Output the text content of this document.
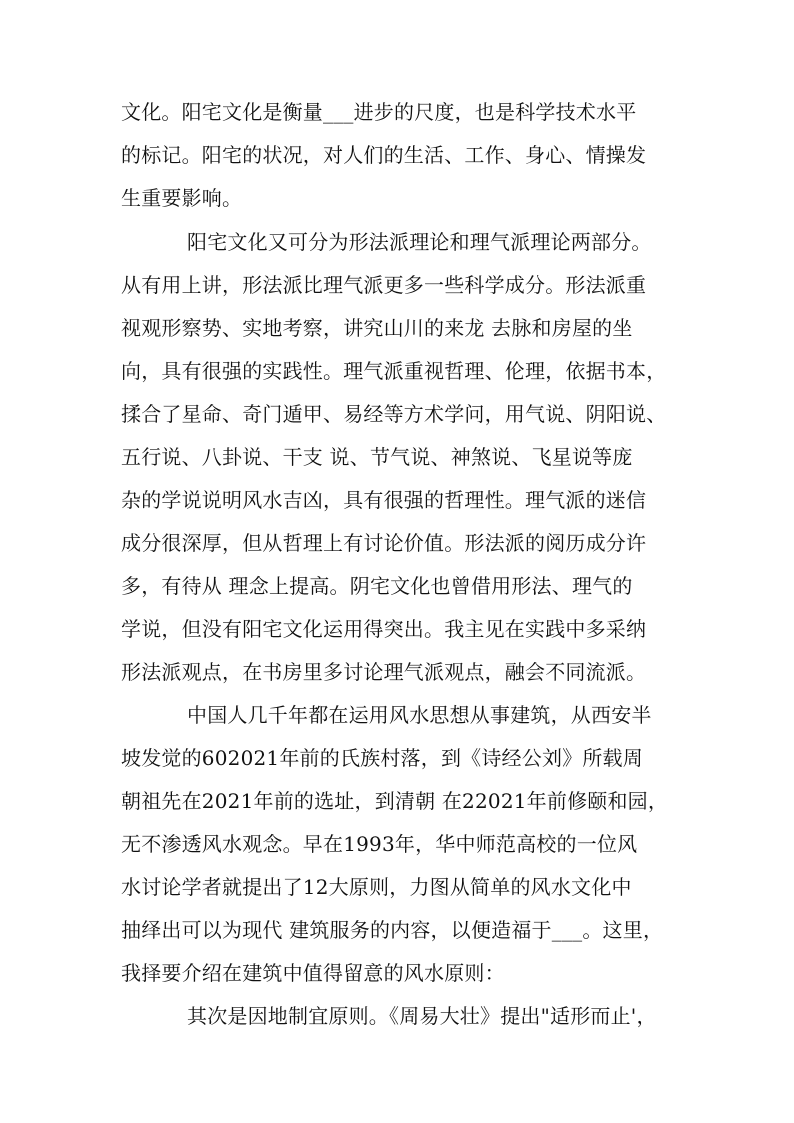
文化。阳宅文化是衡量___进步的尺度，也是科学技术水平
的标记。阳宅的状况，对人们的生活、工作、身心、情操发
生重要影响。
阳宅文化又可分为形法派理论和理气派理论两部分。
从有用上讲，形法派比理气派更多一些科学成分。形法派重
视观形察势、实地考察，讲究山川的来龙 去脉和房屋的坐
向，具有很强的实践性。理气派重视哲理、伦理，依据书本，
揉合了星命、奇门遁甲、易经等方术学问，用气说、阴阳说、
五行说、八卦说、干支 说、节气说、神煞说、飞星说等庞
杂的学说说明风水吉凶，具有很强的哲理性。理气派的迷信
成分很深厚，但从哲理上有讨论价值。形法派的阅历成分许
多，有待从 理念上提高。阴宅文化也曾借用形法、理气的
学说，但没有阳宅文化运用得突出。我主见在实践中多采纳
形法派观点，在书房里多讨论理气派观点，融会不同流派。
中国人几千年都在运用风水思想从事建筑，从西安半
坡发觉的602021年前的氏族村落，到《诗经公刘》所载周
朝祖先在2021年前的选址，到清朝 在22021年前修颐和园，
无不渗透风水观念。早在1993年，华中师范高校的一位风
水讨论学者就提出了12大原则，力图从简单的风水文化中
抽绎出可以为现代 建筑服务的内容，以便造福于___。这里，
我择要介绍在建筑中值得留意的风水原则：
其次是因地制宜原则。《周易大壮》提出"适形而止'，
